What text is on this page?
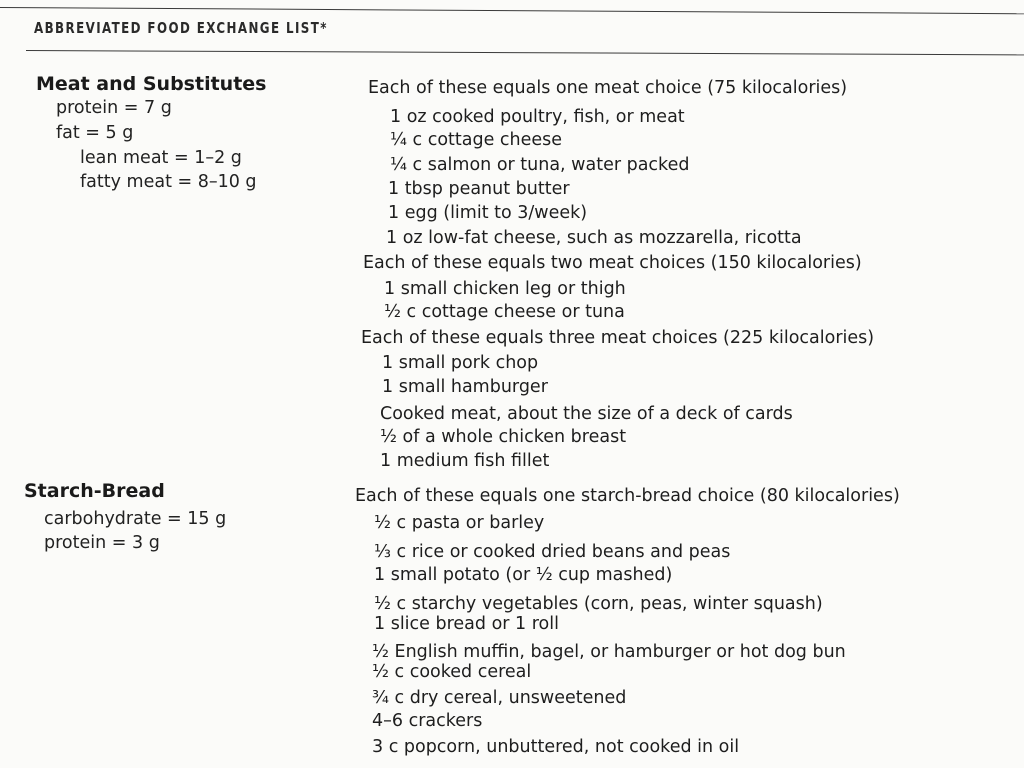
ABBREVIATED FOOD EXCHANGE LIST*
Meat and Substitutes
protein = 7 g
fat = 5 g
lean meat = 1–2 g
fatty meat = 8–10 g
Each of these equals one meat choice (75 kilocalories)
1 oz cooked poultry, fish, or meat
¼ c cottage cheese
¼ c salmon or tuna, water packed
1 tbsp peanut butter
1 egg (limit to 3/week)
1 oz low-fat cheese, such as mozzarella, ricotta
Each of these equals two meat choices (150 kilocalories)
1 small chicken leg or thigh
½ c cottage cheese or tuna
Each of these equals three meat choices (225 kilocalories)
1 small pork chop
1 small hamburger
Cooked meat, about the size of a deck of cards
½ of a whole chicken breast
1 medium fish fillet
Starch-Bread
carbohydrate = 15 g
protein = 3 g
Each of these equals one starch-bread choice (80 kilocalories)
½ c pasta or barley
⅓ c rice or cooked dried beans and peas
1 small potato (or ½ cup mashed)
½ c starchy vegetables (corn, peas, winter squash)
1 slice bread or 1 roll
½ English muffin, bagel, or hamburger or hot dog bun
½ c cooked cereal
¾ c dry cereal, unsweetened
4–6 crackers
3 c popcorn, unbuttered, not cooked in oil
